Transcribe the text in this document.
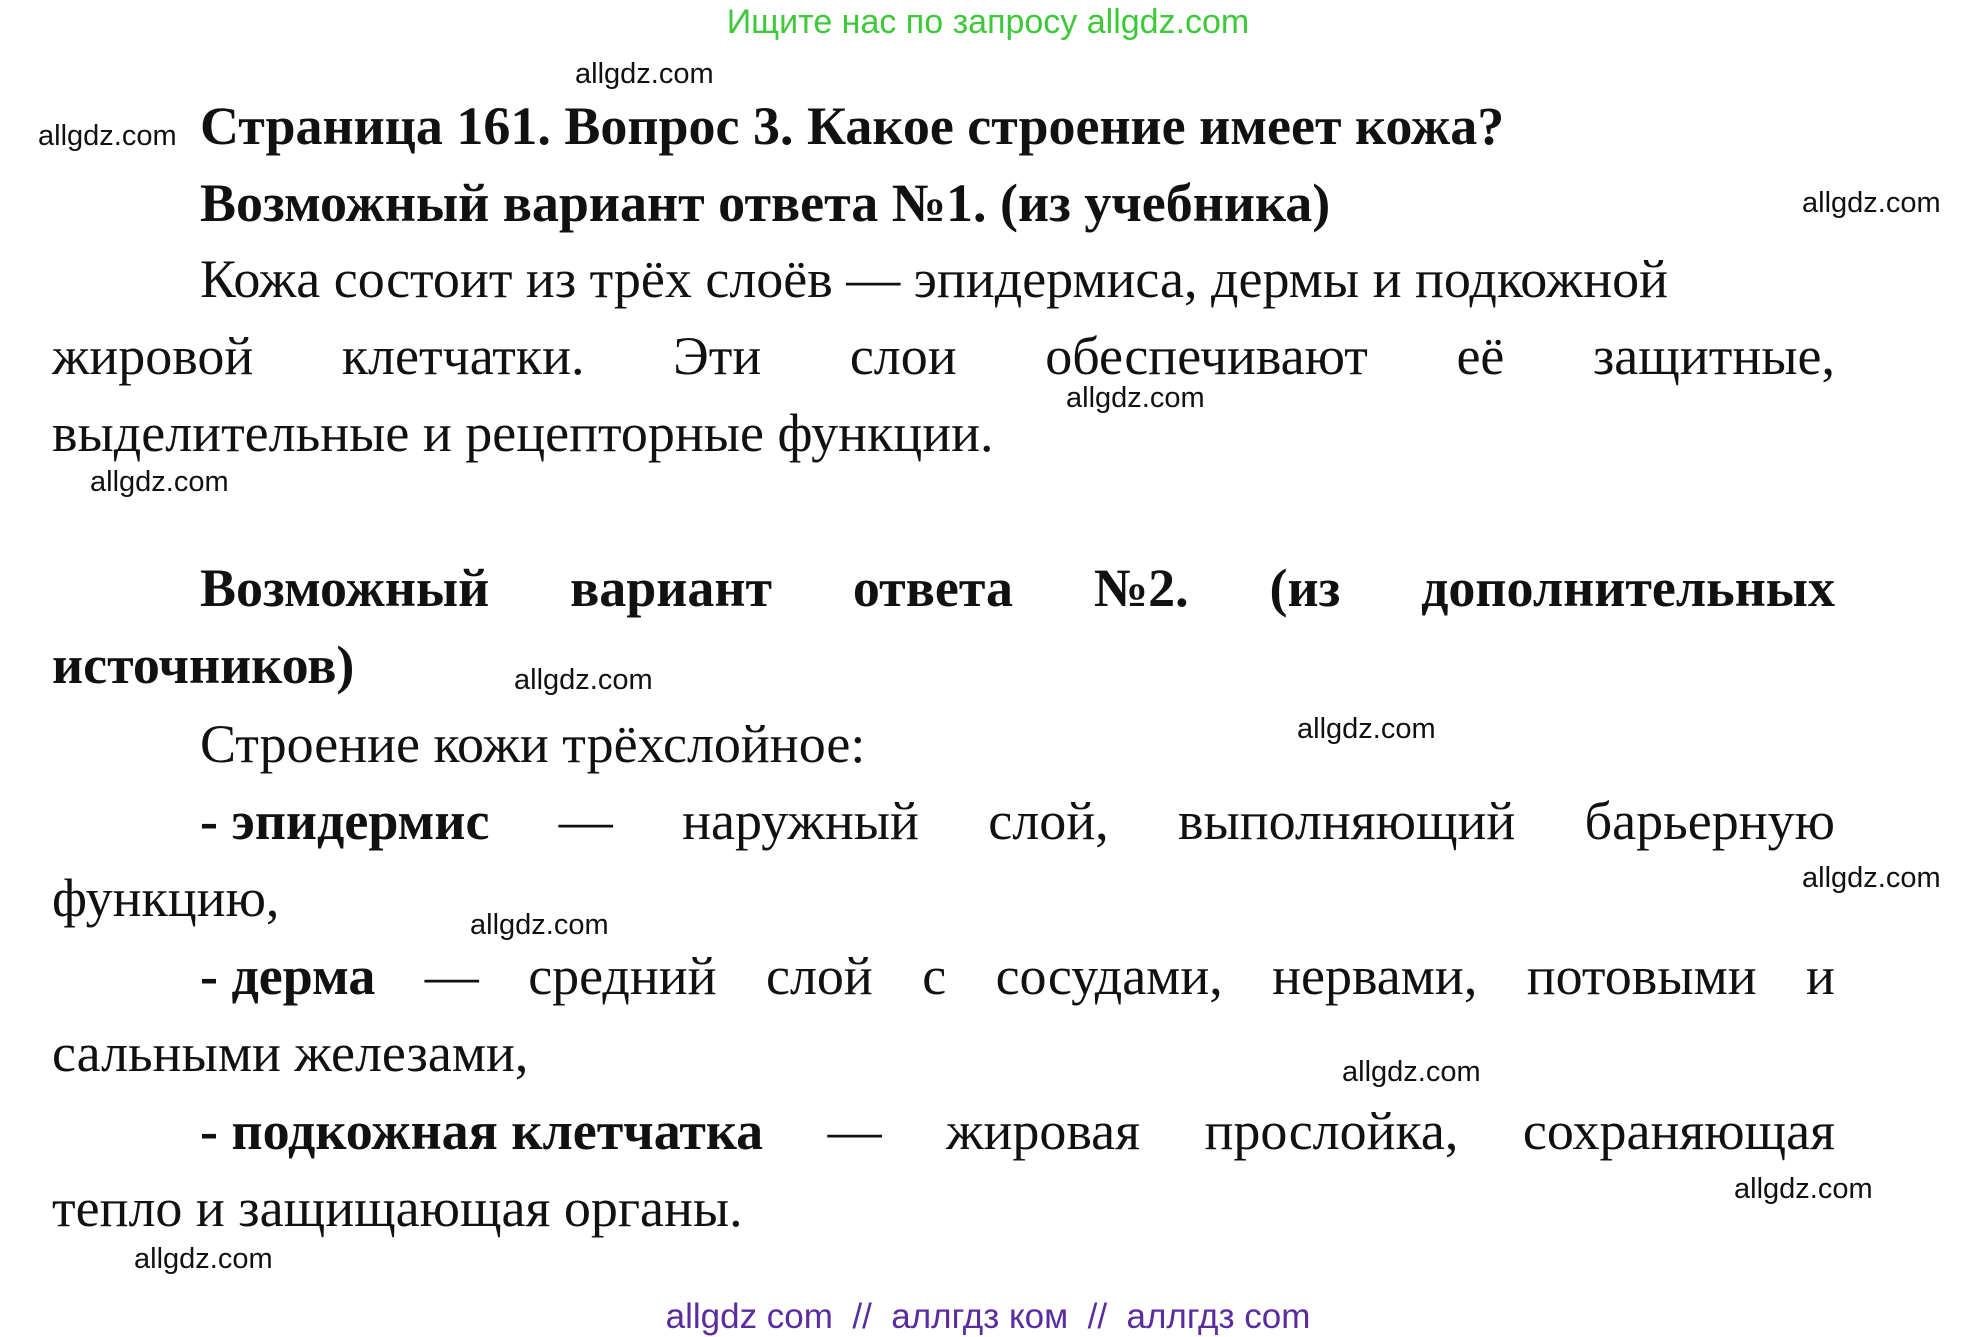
Ищите нас по запросу allgdz.com
Страница 161. Вопрос 3. Какое строение имеет кожа?
Возможный вариант ответа №1. (из учебника)
Кожа состоит из трёх слоёв — эпидермиса, дермы и подкожной
жировой клетчатки. Эти слои обеспечивают её защитные,
выделительные и рецепторные функции.
Возможный вариант ответа №2. (из дополнительных
источников)
Строение кожи трёхслойное:
- эпидермис — наружный слой, выполняющий барьерную
функцию,
- дерма — средний слой с сосудами, нервами, потовыми и
сальными железами,
- подкожная клетчатка — жировая прослойка, сохраняющая
тепло и защищающая органы.
allgdz.com
allgdz.com
allgdz.com
allgdz.com
allgdz.com
allgdz.com
allgdz.com
allgdz.com
allgdz.com
allgdz.com
allgdz.com
allgdz.com
allgdz com  //  аллгдз ком  //  аллгдз com
